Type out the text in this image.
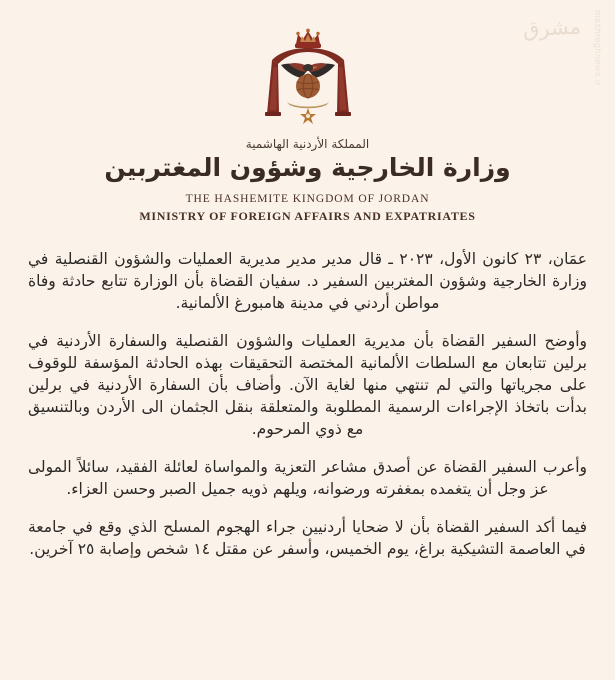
مشرق mashreghnews.ir
المملكة الأردنية الهاشمية
وزارة الخارجية وشؤون المغتربين
THE HASHEMITE KINGDOM OF JORDAN
MINISTRY OF FOREIGN AFFAIRS AND EXPATRIATES

عمَان، ٢٣ كانون الأول، ٢٠٢٣ ـ قال مدير مدير مديرية العمليات والشؤون القنصلية في وزارة الخارجية وشؤون المغتربين السفير د. سفيان القضاة بأن الوزارة تتابع حادثة وفاة مواطن أردني في مدينة هامبورغ الألمانية.

وأوضح السفير القضاة بأن مديرية العمليات والشؤون القنصلية والسفارة الأردنية في برلين تتابعان مع السلطات الألمانية المختصة التحقيقات بهذه الحادثة المؤسفة للوقوف على مجرياتها والتي لم تنتهي منها لغاية الآن. وأضاف بأن السفارة الأردنية في برلين بدأت باتخاذ الإجراءات الرسمية المطلوبة والمتعلقة بنقل الجثمان الى الأردن وبالتنسيق مع ذوي المرحوم.

وأعرب السفير القضاة عن أصدق مشاعر التعزية والمواساة لعائلة الفقيد، سائلاً المولى عز وجل أن يتغمده بمغفرته ورضوانه، ويلهم ذويه جميل الصبر وحسن العزاء.

فيما أكد السفير القضاة بأن لا ضحايا أردنيين جراء الهجوم المسلح الذي وقع في جامعة في العاصمة التشيكية براغ، يوم الخميس، وأسفر عن مقتل ١٤ شخص وإصابة ٢٥ آخرين.
